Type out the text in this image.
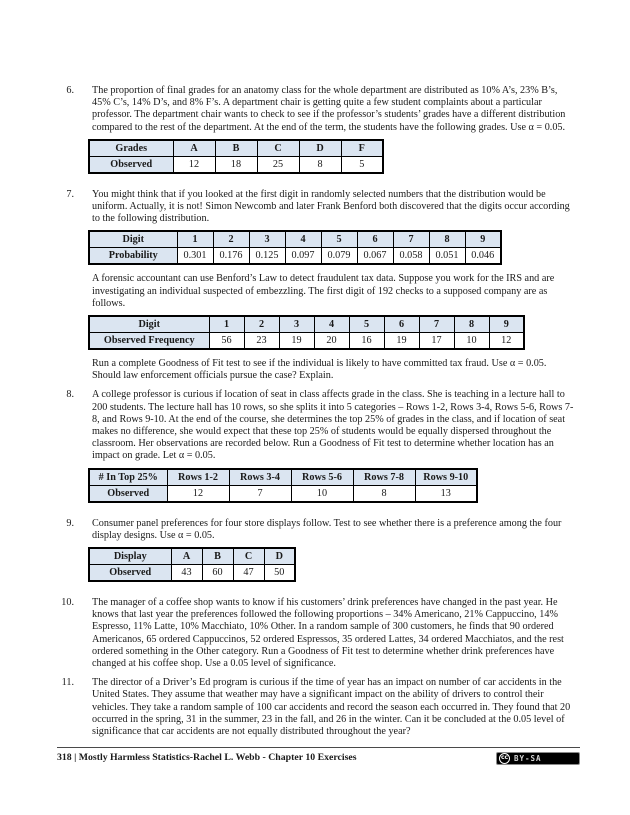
6. The proportion of final grades for an anatomy class for the whole department are distributed as 10% A’s, 23% B’s, 45% C’s, 14% D’s, and 8% F’s. A department chair is getting quite a few student complaints about a particular professor. The department chair wants to check to see if the professor’s students’ grades have a different distribution compared to the rest of the department. At the end of the term, the students have the following grades. Use α = 0.05.

Grades	A	B	C	D	F
Observed	12	18	25	8	5
7. You might think that if you looked at the first digit in randomly selected numbers that the distribution would be uniform. Actually, it is not! Simon Newcomb and later Frank Benford both discovered that the digits occur according to the following distribution.

Digit	1	2	3	4	5	6	7	8	9
Probability	0.301	0.176	0.125	0.097	0.079	0.067	0.058	0.051	0.046

A forensic accountant can use Benford’s Law to detect fraudulent tax data. Suppose you work for the IRS and are investigating an individual suspected of embezzling. The first digit of 192 checks to a supposed company are as follows.

Digit	1	2	3	4	5	6	7	8	9
Observed Frequency	56	23	19	20	16	19	17	10	12

Run a complete Goodness of Fit test to see if the individual is likely to have committed tax fraud. Use α = 0.05. Should law enforcement officials pursue the case? Explain.

8. A college professor is curious if location of seat in class affects grade in the class. She is teaching in a lecture hall to 200 students. The lecture hall has 10 rows, so she splits it into 5 categories – Rows 1-2, Rows 3-4, Rows 5-6, Rows 7-8, and Rows 9-10. At the end of the course, she determines the top 25% of grades in the class, and if location of seat makes no difference, she would expect that these top 25% of students would be equally dispersed throughout the classroom. Her observations are recorded below. Run a Goodness of Fit test to determine whether location has an impact on grade. Let α = 0.05.

# In Top 25%	Rows 1-2	Rows 3-4	Rows 5-6	Rows 7-8	Rows 9-10
Observed	12	7	10	8	13
9. Consumer panel preferences for four store displays follow. Test to see whether there is a preference among the four display designs. Use α = 0.05.

Display	A	B	C	D
Observed	43	60	47	50
10. The manager of a coffee shop wants to know if his customers’ drink preferences have changed in the past year. He knows that last year the preferences followed the following proportions – 34% Americano, 21% Cappuccino, 14% Espresso, 11% Latte, 10% Macchiato, 10% Other. In a random sample of 300 customers, he finds that 90 ordered Americanos, 65 ordered Cappuccinos, 52 ordered Espressos, 35 ordered Lattes, 34 ordered Macchiatos, and the rest ordered something in the Other category. Run a Goodness of Fit test to determine whether drink preferences have changed at his coffee shop. Use a 0.05 level of significance.

11. The director of a Driver’s Ed program is curious if the time of year has an impact on number of car accidents in the United States. They assume that weather may have a significant impact on the ability of drivers to control their vehicles. They take a random sample of 100 car accidents and record the season each occurred in. They found that 20 occurred in the spring, 31 in the summer, 23 in the fall, and 26 in the winter. Can it be concluded at the 0.05 level of significance that car accidents are not equally distributed throughout the year?

318 | Mostly Harmless Statistics-Rachel L. Webb - Chapter 10 Exercises	cc BY-SA
